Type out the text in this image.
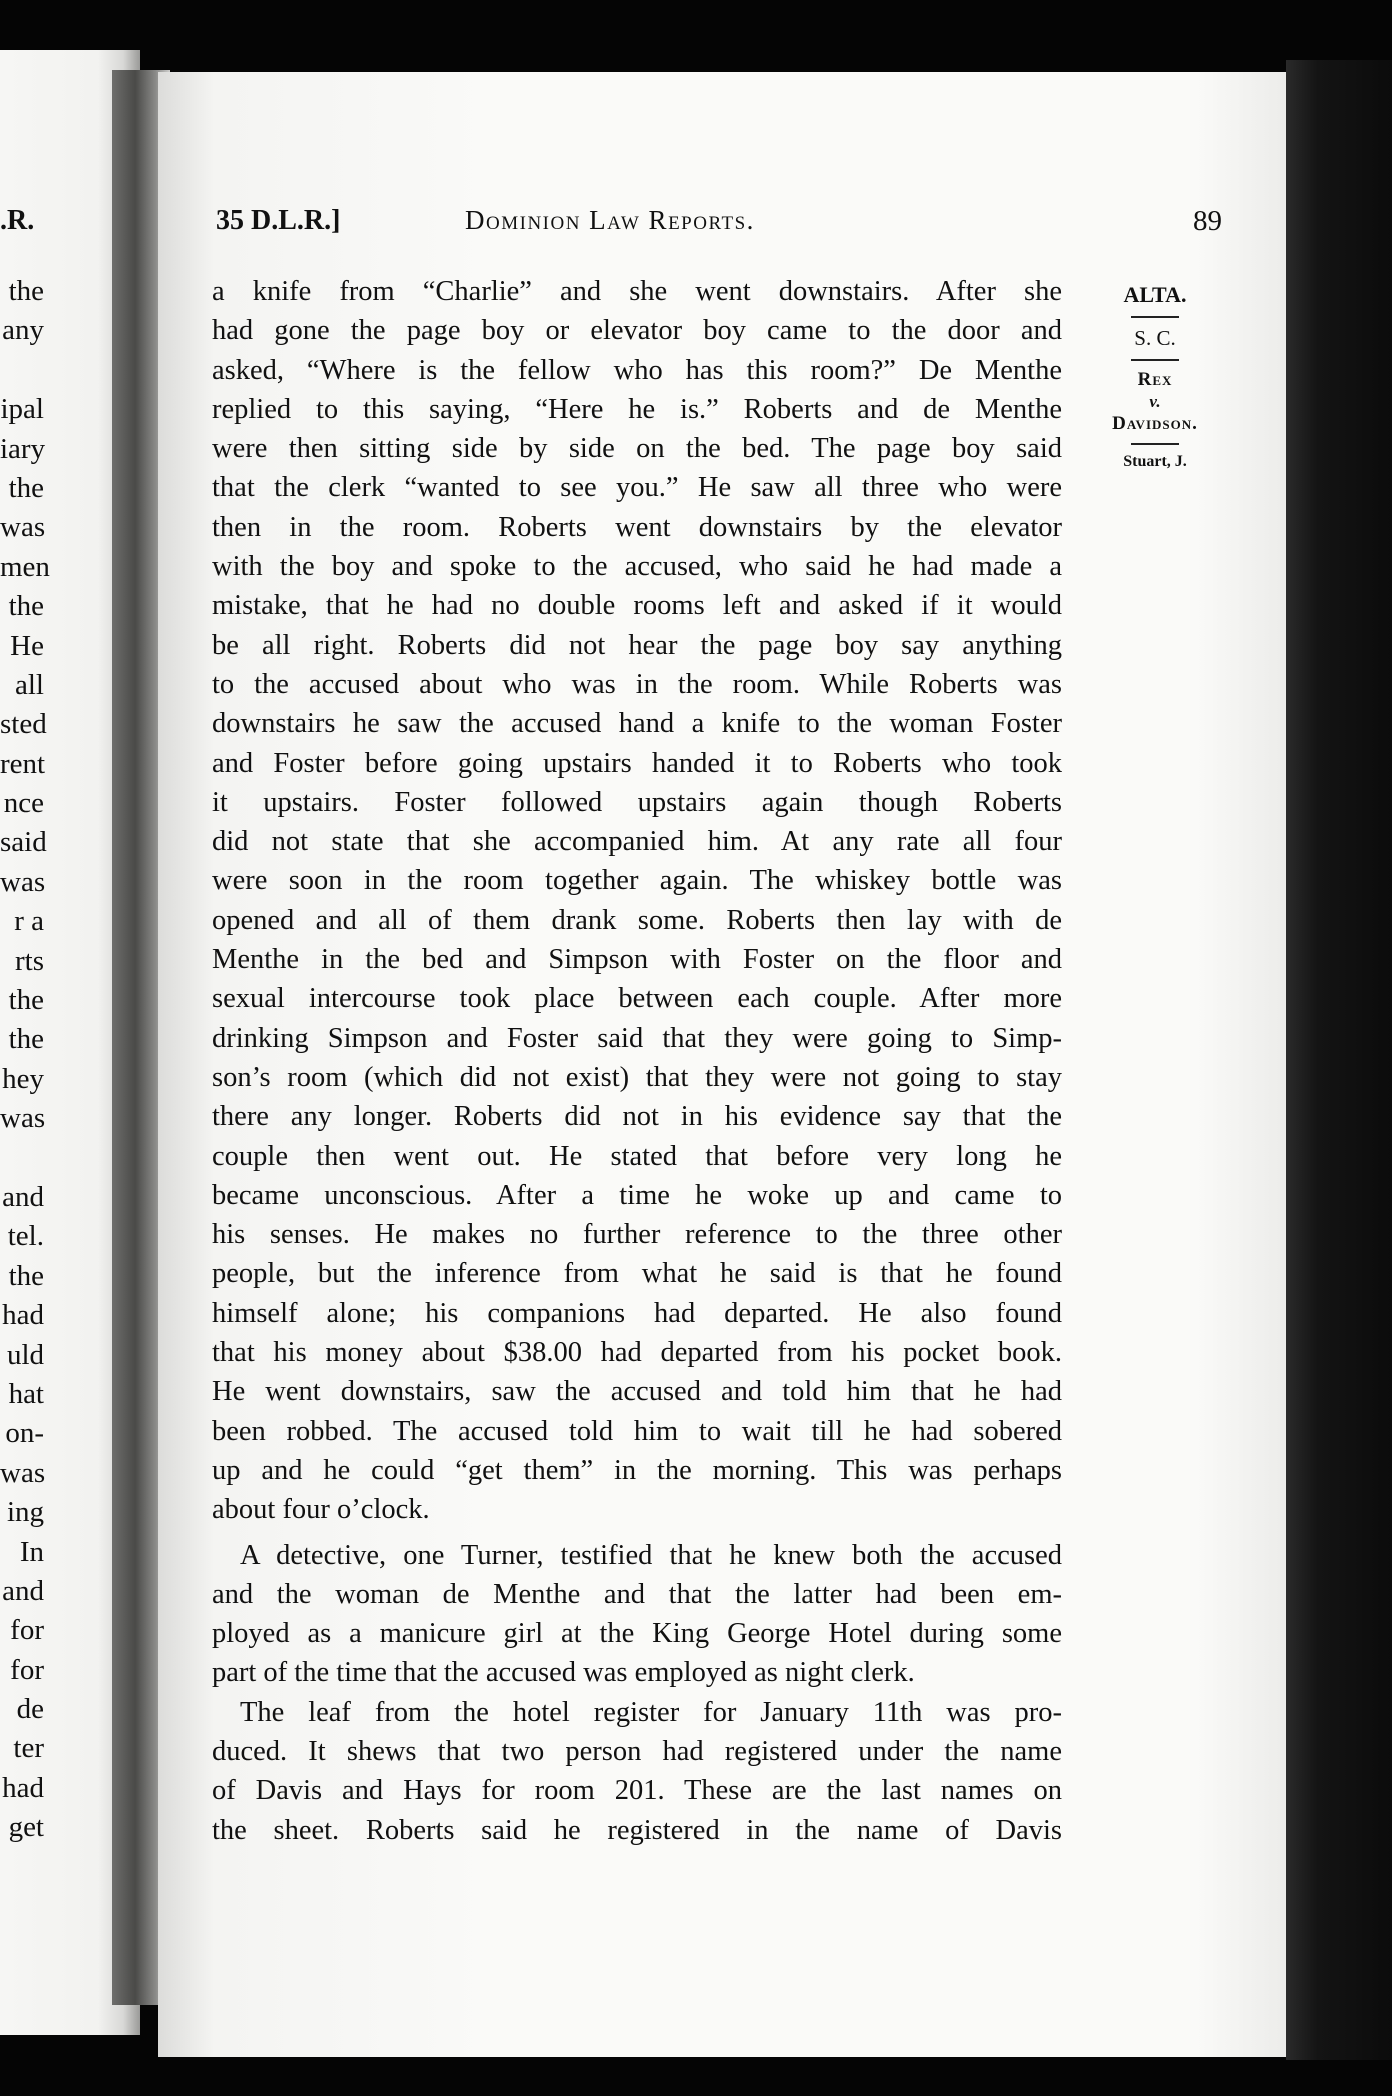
.R.
the
any
ipal
iary
the
was
men
the
He
all
sted
rent
nce
said
was
r a
rts
the
the
hey
was
and
tel.
the
had
uld
hat
on-
was
ing
In
and
for
for
de
ter
had
get
35 D.L.R.]	Dominion Law Reports.	89
ALTA.
S. C.
Rex
v.
Davidson.
Stuart, J.
a knife from “Charlie” and she went downstairs. After she
had gone the page boy or elevator boy came to the door and
asked, “Where is the fellow who has this room?” De Menthe
replied to this saying, “Here he is.” Roberts and de Menthe
were then sitting side by side on the bed. The page boy said
that the clerk “wanted to see you.” He saw all three who were
then in the room. Roberts went downstairs by the elevator
with the boy and spoke to the accused, who said he had made a
mistake, that he had no double rooms left and asked if it would
be all right. Roberts did not hear the page boy say anything
to the accused about who was in the room. While Roberts was
downstairs he saw the accused hand a knife to the woman Foster
and Foster before going upstairs handed it to Roberts who took
it upstairs. Foster followed upstairs again though Roberts
did not state that she accompanied him. At any rate all four
were soon in the room together again. The whiskey bottle was
opened and all of them drank some. Roberts then lay with de
Menthe in the bed and Simpson with Foster on the floor and
sexual intercourse took place between each couple. After more
drinking Simpson and Foster said that they were going to Simp-
son’s room (which did not exist) that they were not going to stay
there any longer. Roberts did not in his evidence say that the
couple then went out. He stated that before very long he
became unconscious. After a time he woke up and came to
his senses. He makes no further reference to the three other
people, but the inference from what he said is that he found
himself alone; his companions had departed. He also found
that his money about $38.00 had departed from his pocket book.
He went downstairs, saw the accused and told him that he had
been robbed. The accused told him to wait till he had sobered
up and he could “get them” in the morning. This was perhaps
about four o’clock.
A detective, one Turner, testified that he knew both the accused
and the woman de Menthe and that the latter had been em-
ployed as a manicure girl at the King George Hotel during some
part of the time that the accused was employed as night clerk.
The leaf from the hotel register for January 11th was pro-
duced. It shews that two person had registered under the name
of Davis and Hays for room 201. These are the last names on
the sheet. Roberts said he registered in the name of Davis
